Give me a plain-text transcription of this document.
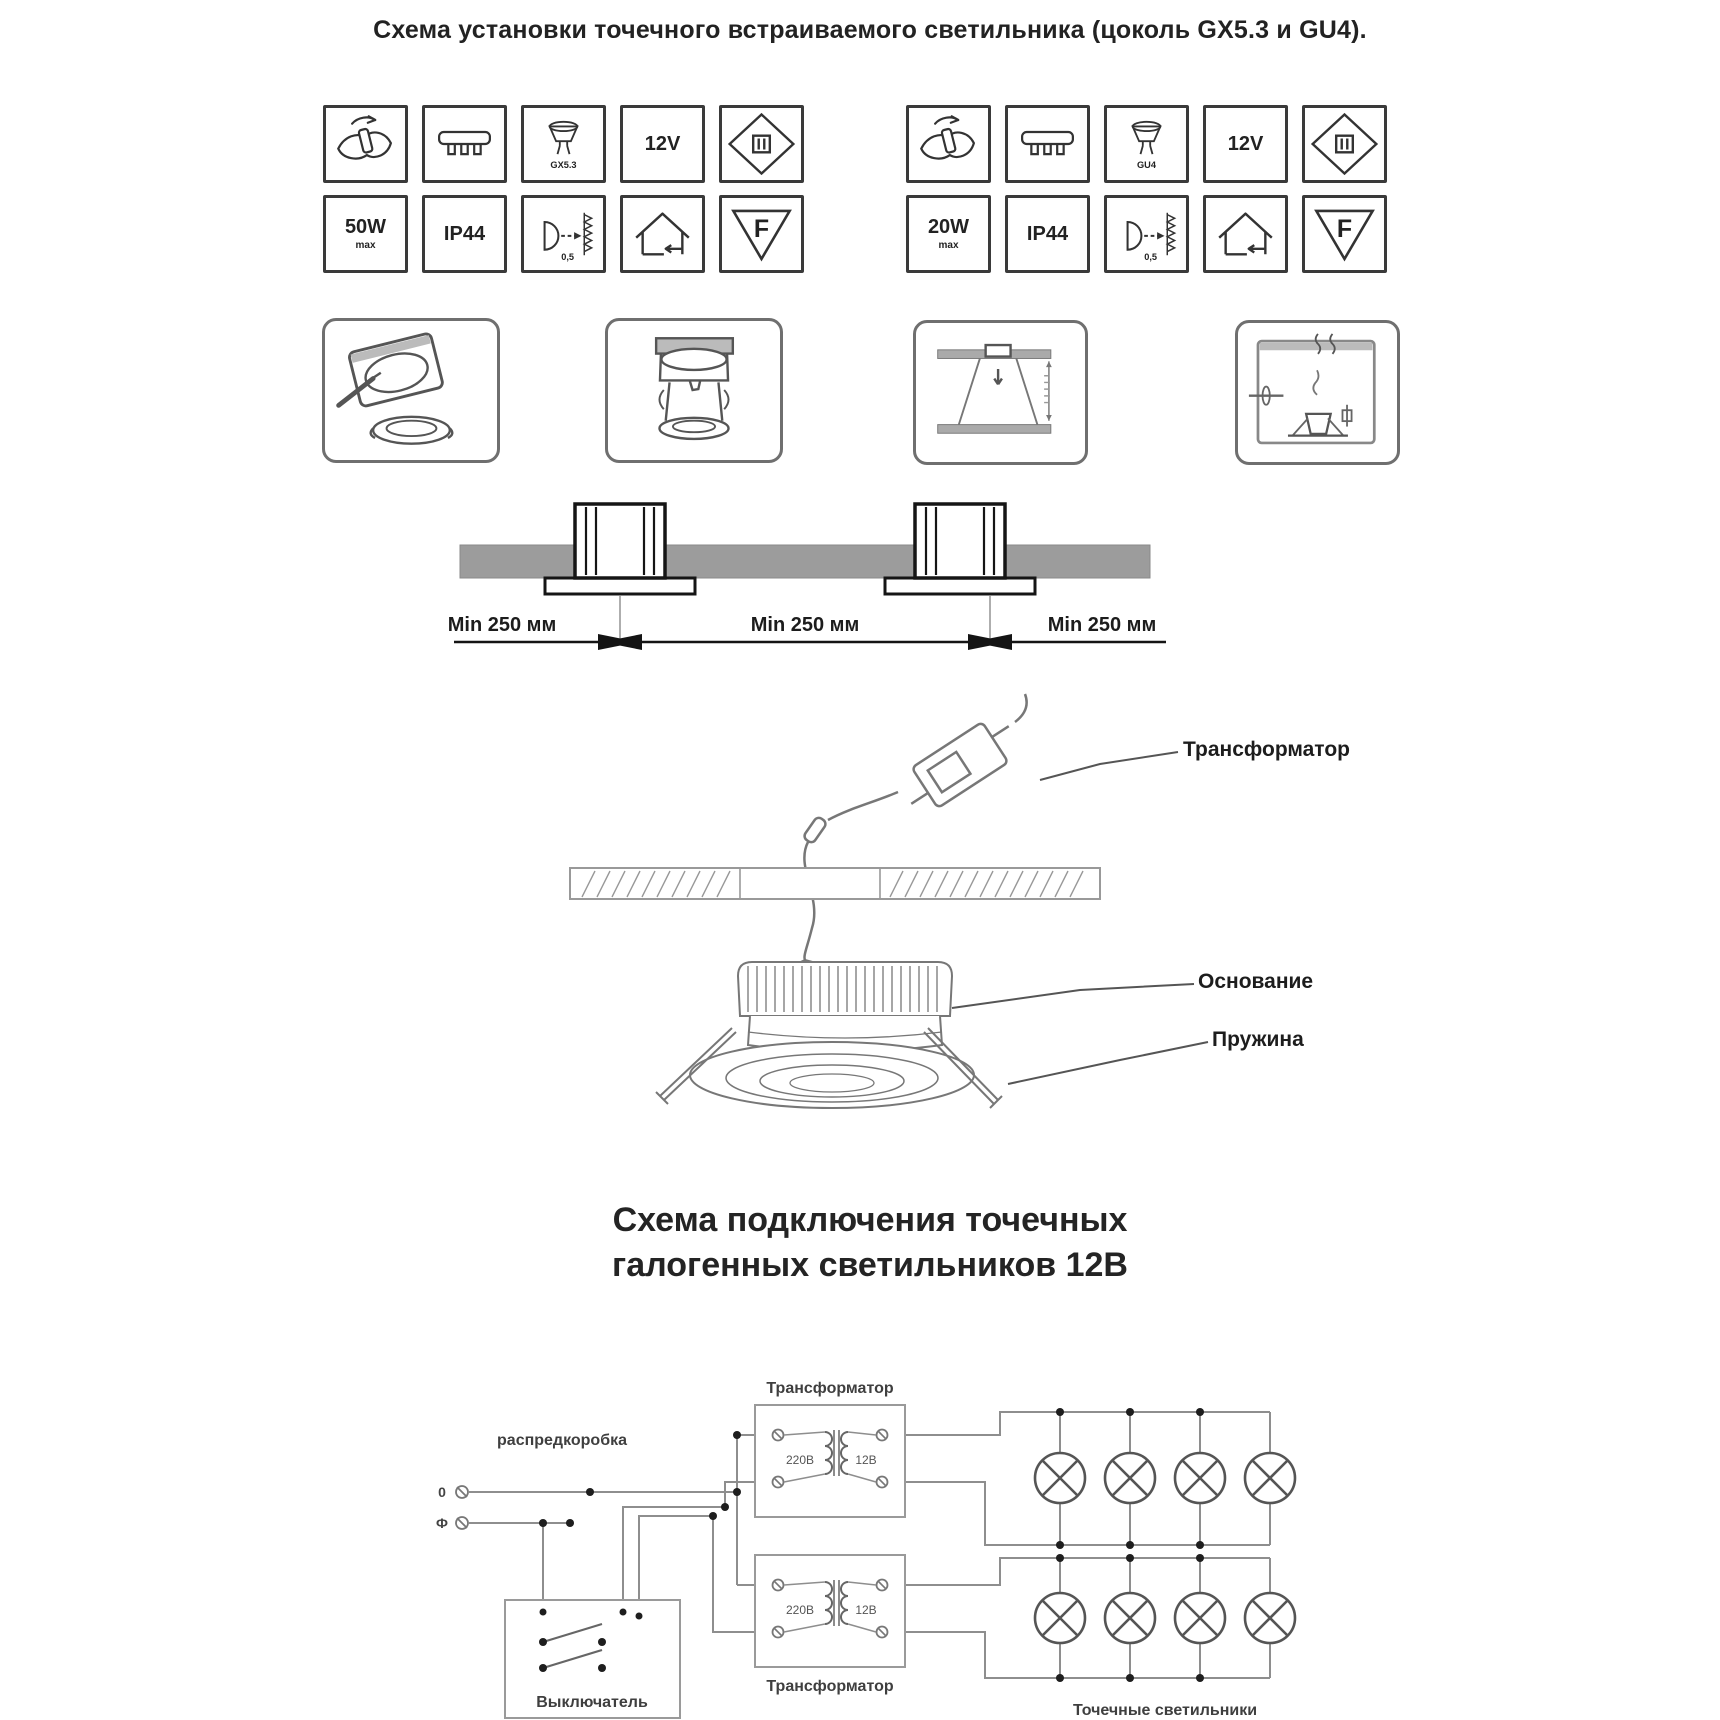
Схема установки точечного встраиваемого светильника (цоколь GX5.3 и GU4).
GX5.3
12V
50W
max
IP44
0,5
F
GU4
12V
20W
max
IP44
0,5
F
Min 250 мм	Min 250 мм	Min 250 мм
Трансформатор
Основание
Пружина
Схема подключения точечных
галогенных светильников 12В
0
Ф
220В	12В
220В	12В
распредкоробка
Трансформатор
Трансформатор
Выключатель	Точечные светильники
